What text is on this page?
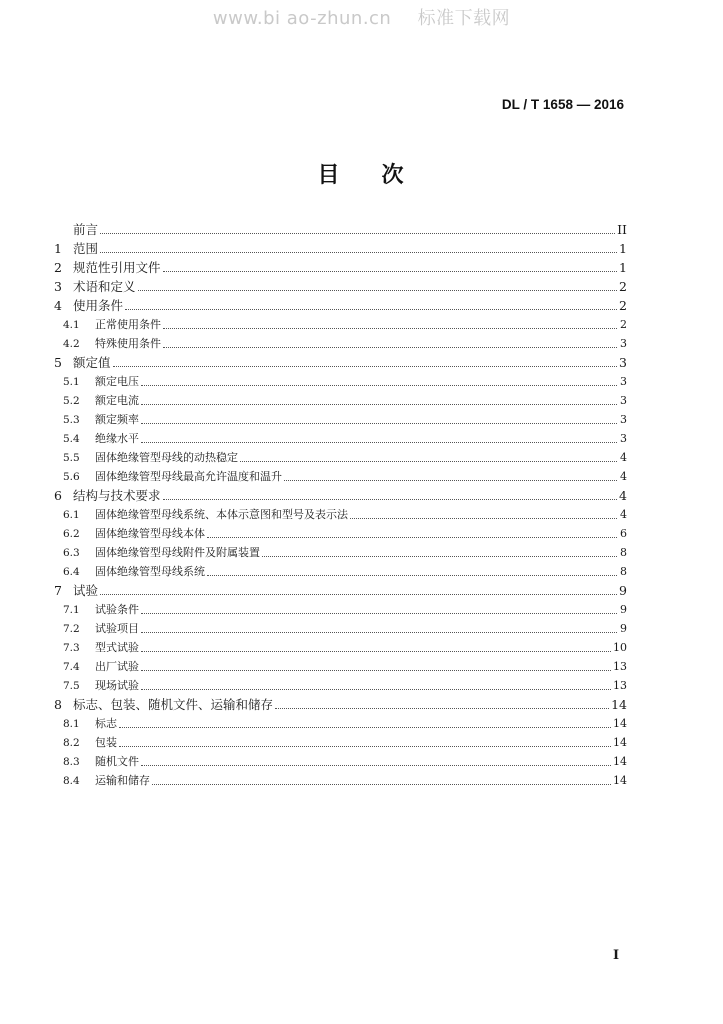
www.bi ao-zhun.cn 标准下载网
DL / T 1658 — 2016
目次
前言	II
1 范围	1
2 规范性引用文件	1
3 术语和定义	2
4 使用条件	2
4.1	正常使用条件	2
4.2	特殊使用条件	3
5 额定值	3
5.1	额定电压	3
5.2	额定电流	3
5.3	额定频率	3
5.4	绝缘水平	3
5.5	固体绝缘管型母线的动热稳定	4
5.6	固体绝缘管型母线最高允许温度和温升	4
6 结构与技术要求	4
6.1	固体绝缘管型母线系统、本体示意图和型号及表示法	4
6.2	固体绝缘管型母线本体	6
6.3	固体绝缘管型母线附件及附属装置	8
6.4	固体绝缘管型母线系统	8
7 试验	9
7.1	试验条件	9
7.2	试验项目	9
7.3	型式试验	10
7.4	出厂试验	13
7.5	现场试验	13
8 标志、包装、随机文件、运输和储存	14
8.1	标志	14
8.2	包装	14
8.3	随机文件	14
8.4	运输和储存	14
I
